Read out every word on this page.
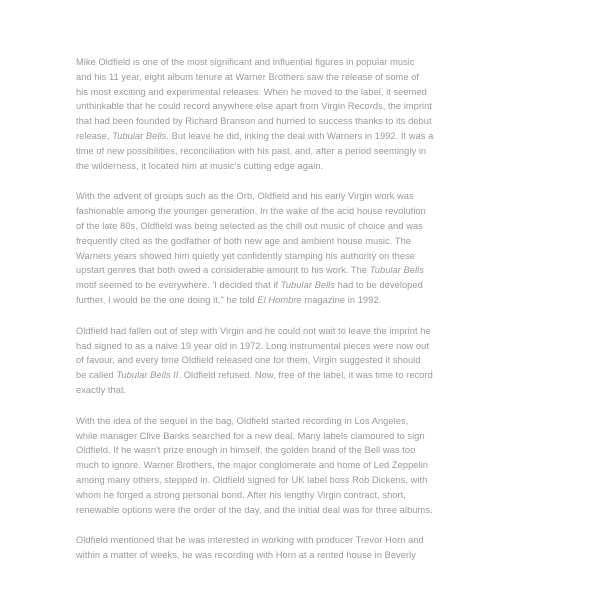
Mike Oldfield is one of the most significant and influential figures in popular music
and his 11 year, eight album tenure at Warner Brothers saw the release of some of
his most exciting and experimental releases. When he moved to the label, it seemed
unthinkable that he could record anywhere else apart from Virgin Records, the imprint
that had been founded by Richard Branson and hurried to success thanks to its debut
release, Tubular Bells. But leave he did, inking the deal with Warners in 1992. It was a
time of new possibilities, reconciliation with his past, and, after a period seemingly in
the wilderness, it located him at music's cutting edge again.

With the advent of groups such as the Orb, Oldfield and his early Virgin work was
fashionable among the younger generation. In the wake of the acid house revolution
of the late 80s, Oldfield was being selected as the chill out music of choice and was
frequently cited as the godfather of both new age and ambient house music. The
Warners years showed him quietly yet confidently stamping his authority on these
upstart genres that both owed a considerable amount to his work. The Tubular Bells
motif seemed to be everywhere. 'I decided that if Tubular Bells had to be developed
further, I would be the one doing it," he told El Hombre magazine in 1992.

Oldfield had fallen out of step with Virgin and he could not wait to leave the imprint he
had signed to as a naive 19 year old in 1972. Long instrumental pieces were now out
of favour, and every time Oldfield released one for them, Virgin suggested it should
be called Tubular Bells II. Oldfield refused. Now, free of the label, it was time to record
exactly that.

With the idea of the sequel in the bag, Oldfield started recording in Los Angeles,
while manager Clive Banks searched for a new deal. Many labels clamoured to sign
Oldfield. If he wasn't prize enough in himself, the golden brand of the Bell was too
much to ignore. Warner Brothers, the major conglomerate and home of Led Zeppelin
among many others, stepped in. Oldfield signed for UK label boss Rob Dickens, with
whom he forged a strong personal bond. After his lengthy Virgin contract, short,
renewable options were the order of the day, and the initial deal was for three albums.

Oldfield mentioned that he was interested in working with producer Trevor Horn and
within a matter of weeks, he was recording with Horn at a rented house in Beverly
